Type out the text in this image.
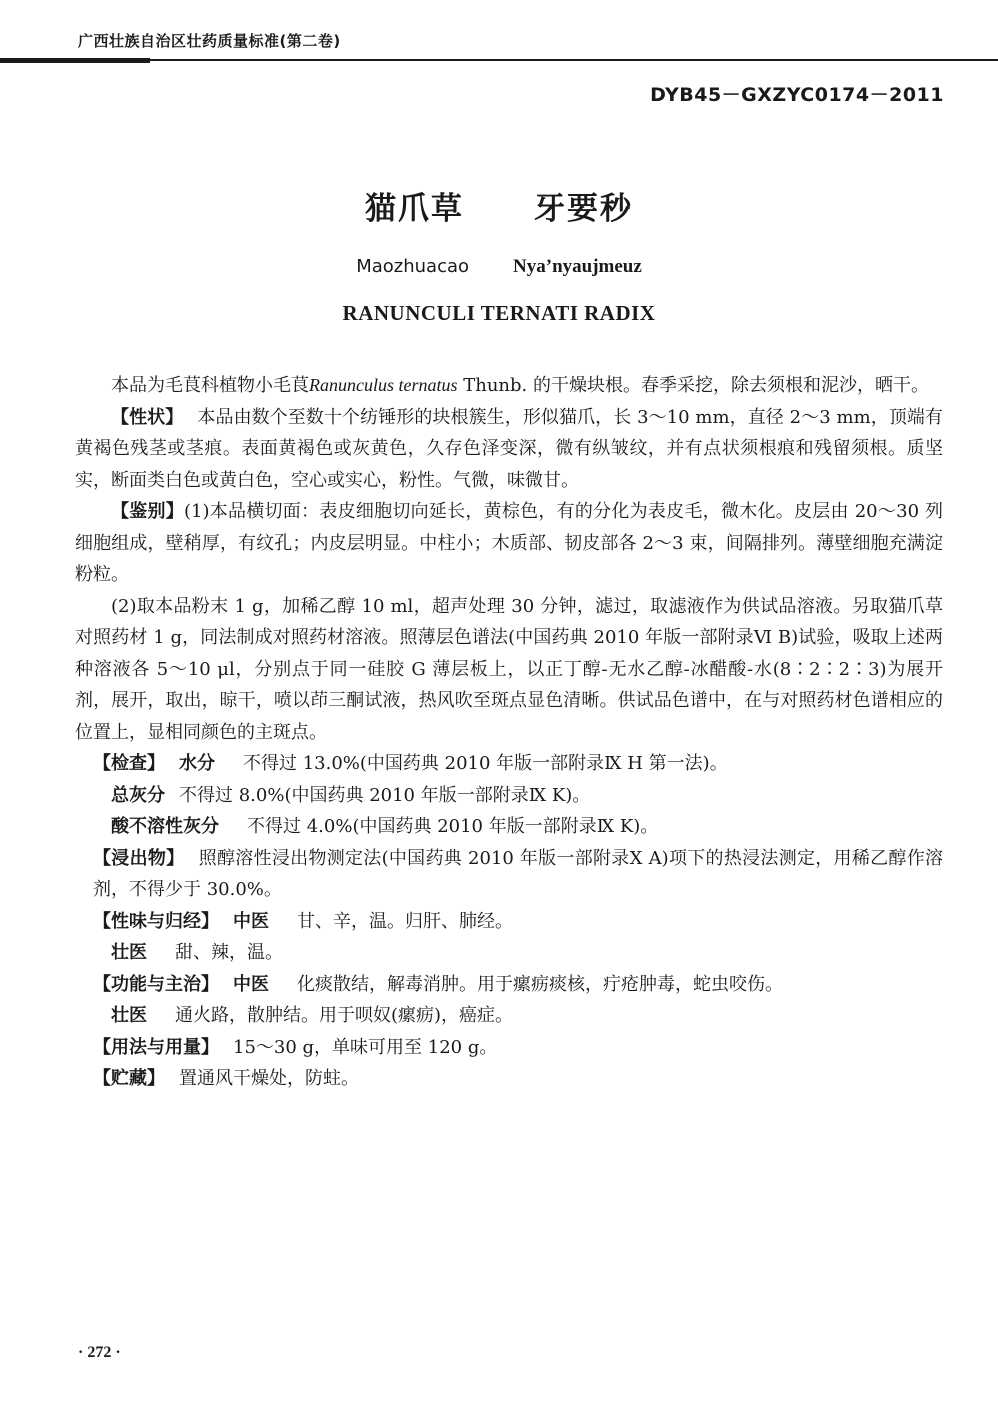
广西壮族自治区壮药质量标准(第二卷)
DYB45－GXZYC0174－2011
猫爪草 牙要秒
Maozhuacao Nya’nyaujmeuz
RANUNCULI TERNATI RADIX

本品为毛茛科植物小毛茛Ranunculus ternatus Thunb. 的干燥块根。春季采挖，除去须根和泥沙，晒干。

【性状】 本品由数个至数十个纺锤形的块根簇生，形似猫爪，长 3～10 mm，直径 2～3 mm，顶端有黄褐色残茎或茎痕。表面黄褐色或灰黄色，久存色泽变深，微有纵皱纹，并有点状须根痕和残留须根。质坚实，断面类白色或黄白色，空心或实心，粉性。气微，味微甘。

【鉴别】(1)本品横切面：表皮细胞切向延长，黄棕色，有的分化为表皮毛，微木化。皮层由 20～30 列细胞组成，壁稍厚，有纹孔；内皮层明显。中柱小；木质部、韧皮部各 2～3 束，间隔排列。薄壁细胞充满淀粉粒。

(2)取本品粉末 1 g，加稀乙醇 10 ml，超声处理 30 分钟，滤过，取滤液作为供试品溶液。另取猫爪草对照药材 1 g，同法制成对照药材溶液。照薄层色谱法(中国药典 2010 年版一部附录Ⅵ B)试验，吸取上述两种溶液各 5～10 μl，分别点于同一硅胶 G 薄层板上，以正丁醇-无水乙醇-冰醋酸-水(8∶2∶2∶3)为展开剂，展开，取出，晾干，喷以茚三酮试液，热风吹至斑点显色清晰。供试品色谱中，在与对照药材色谱相应的位置上，显相同颜色的主斑点。

【检查】 水分 不得过 13.0%(中国药典 2010 年版一部附录Ⅸ H 第一法)。

总灰分 不得过 8.0%(中国药典 2010 年版一部附录Ⅸ K)。

酸不溶性灰分 不得过 4.0%(中国药典 2010 年版一部附录Ⅸ K)。

【浸出物】 照醇溶性浸出物测定法(中国药典 2010 年版一部附录Ⅹ A)项下的热浸法测定，用稀乙醇作溶剂，不得少于 30.0%。

【性味与归经】 中医 甘、辛，温。归肝、肺经。

壮医 甜、辣，温。

【功能与主治】 中医 化痰散结，解毒消肿。用于瘰疬痰核，疔疮肿毒，蛇虫咬伤。

壮医 通火路，散肿结。用于呗奴(瘰疬)，癌症。

【用法与用量】 15～30 g，单味可用至 120 g。

【贮藏】 置通风干燥处，防蛀。

· 272 ·
